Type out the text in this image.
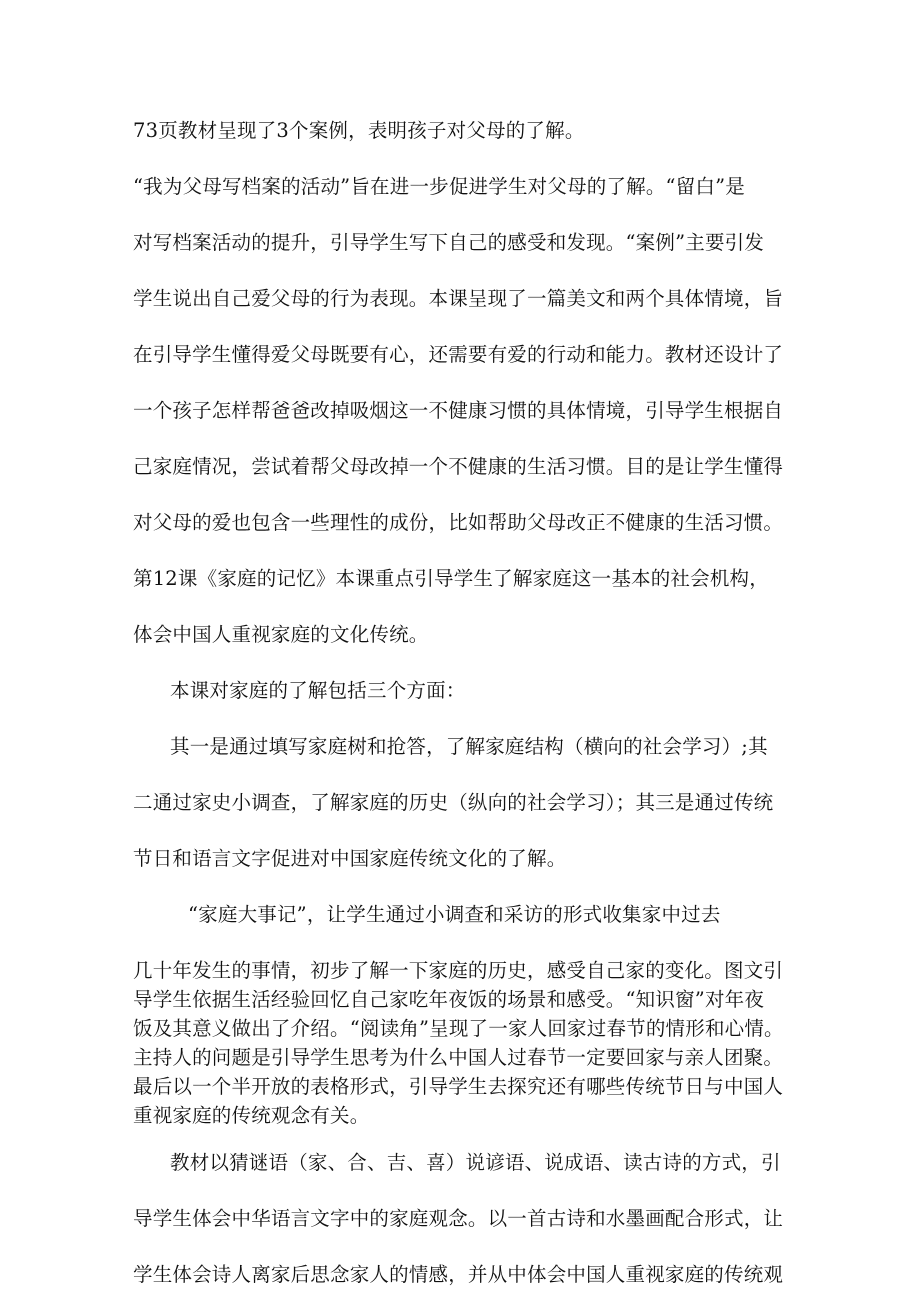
73页教材呈现了3个案例，表明孩子对父母的了解。

“我为父母写档案的活动”旨在进一步促进学生对父母的了解。“留白”是

对写档案活动的提升，引导学生写下自己的感受和发现。“案例”主要引发

学生说出自己爱父母的行为表现。本课呈现了一篇美文和两个具体情境，旨

在引导学生懂得爱父母既要有心，还需要有爱的行动和能力。教材还设计了

一个孩子怎样帮爸爸改掉吸烟这一不健康习惯的具体情境，引导学生根据自

己家庭情况，尝试着帮父母改掉一个不健康的生活习惯。目的是让学生懂得

对父母的爱也包含一些理性的成份，比如帮助父母改正不健康的生活习惯。

第12课《家庭的记忆》本课重点引导学生了解家庭这一基本的社会机构，

体会中国人重视家庭的文化传统。

本课对家庭的了解包括三个方面：

其一是通过填写家庭树和抢答，了解家庭结构（横向的社会学习）;其

二通过家史小调查，了解家庭的历史（纵向的社会学习）；其三是通过传统

节日和语言文字促进对中国家庭传统文化的了解。

“家庭大事记”，让学生通过小调查和采访的形式收集家中过去

几十年发生的事情，初步了解一下家庭的历史，感受自己家的变化。图文引

导学生依据生活经验回忆自己家吃年夜饭的场景和感受。“知识窗”对年夜

饭及其意义做出了介绍。“阅读角”呈现了一家人回家过春节的情形和心情。

主持人的问题是引导学生思考为什么中国人过春节一定要回家与亲人团聚。

最后以一个半开放的表格形式，引导学生去探究还有哪些传统节日与中国人

重视家庭的传统观念有关。

教材以猜谜语（家、合、吉、喜）说谚语、说成语、读古诗的方式，引

导学生体会中华语言文字中的家庭观念。以一首古诗和水墨画配合形式，让

学生体会诗人离家后思念家人的情感，并从中体会中国人重视家庭的传统观
